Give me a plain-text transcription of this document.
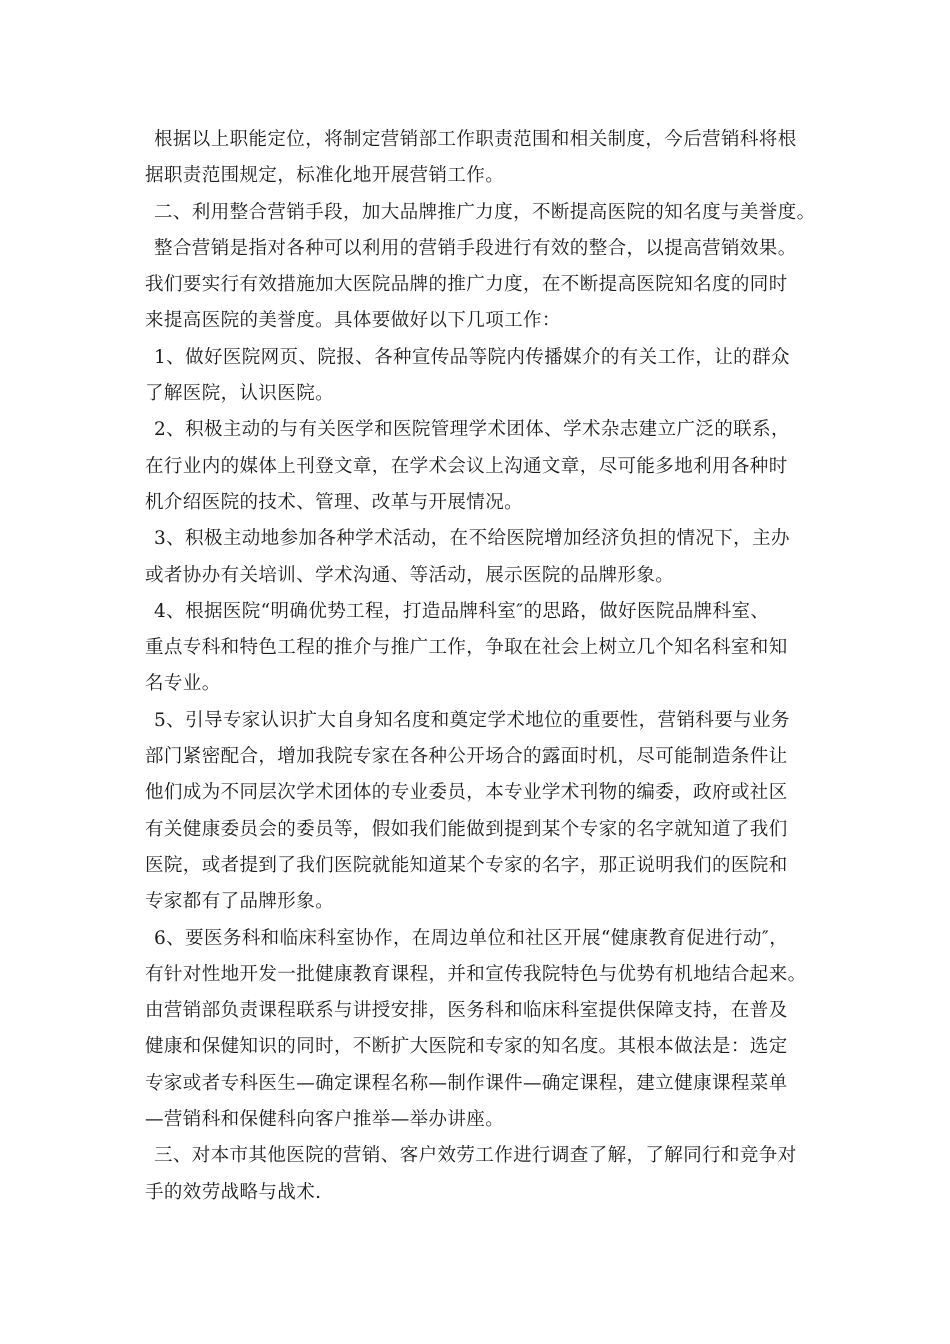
根据以上职能定位，将制定营销部工作职责范围和相关制度，今后营销科将根
据职责范围规定，标准化地开展营销工作。
二、利用整合营销手段，加大品牌推广力度，不断提高医院的知名度与美誉度。
整合营销是指对各种可以利用的营销手段进行有效的整合，以提高营销效果。
我们要实行有效措施加大医院品牌的推广力度，在不断提高医院知名度的同时
来提高医院的美誉度。具体要做好以下几项工作：
1、做好医院网页、院报、各种宣传品等院内传播媒介的有关工作，让的群众
了解医院，认识医院。
2、积极主动的与有关医学和医院管理学术团体、学术杂志建立广泛的联系，
在行业内的媒体上刊登文章，在学术会议上沟通文章，尽可能多地利用各种时
机介绍医院的技术、管理、改革与开展情况。
3、积极主动地参加各种学术活动，在不给医院增加经济负担的情况下，主办
或者协办有关培训、学术沟通、等活动，展示医院的品牌形象。
4、根据医院“明确优势工程，打造品牌科室″的思路，做好医院品牌科室、
重点专科和特色工程的推介与推广工作，争取在社会上树立几个知名科室和知
名专业。
5、引导专家认识扩大自身知名度和奠定学术地位的重要性，营销科要与业务
部门紧密配合，增加我院专家在各种公开场合的露面时机，尽可能制造条件让
他们成为不同层次学术团体的专业委员，本专业学术刊物的编委，政府或社区
有关健康委员会的委员等，假如我们能做到提到某个专家的名字就知道了我们
医院，或者提到了我们医院就能知道某个专家的名字，那正说明我们的医院和
专家都有了品牌形象。
6、要医务科和临床科室协作，在周边单位和社区开展“健康教育促进行动″，
有针对性地开发一批健康教育课程，并和宣传我院特色与优势有机地结合起来。
由营销部负责课程联系与讲授安排，医务科和临床科室提供保障支持，在普及
健康和保健知识的同时，不断扩大医院和专家的知名度。其根本做法是：选定
专家或者专科医生—确定课程名称—制作课件—确定课程，建立健康课程菜单
—营销科和保健科向客户推举—举办讲座。
三、对本市其他医院的营销、客户效劳工作进行调查了解，了解同行和竞争对
手的效劳战略与战术.
